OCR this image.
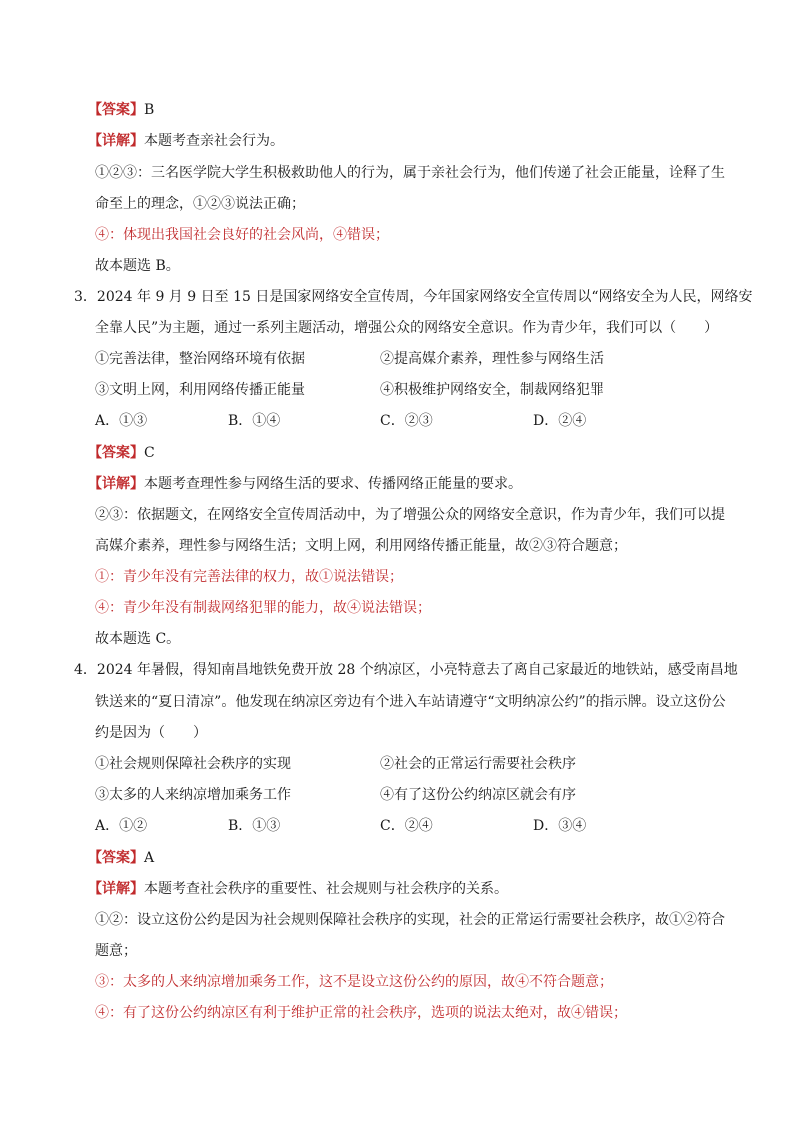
【答案】B
【详解】本题考查亲社会行为。
①②③：三名医学院大学生积极救助他人的行为，属于亲社会行为，他们传递了社会正能量，诠释了生
命至上的理念，①②③说法正确；
④：体现出我国社会良好的社会风尚，④错误；
故本题选 B。
3．2024 年 9 月 9 日至 15 日是国家网络安全宣传周，今年国家网络安全宣传周以“网络安全为人民，网络安
全靠人民”为主题，通过一系列主题活动，增强公众的网络安全意识。作为青少年，我们可以（　　）
①完善法律，整治网络环境有依据	②提高媒介素养，理性参与网络生活
③文明上网，利用网络传播正能量	④积极维护网络安全，制裁网络犯罪
A．①③	B．①④	C．②③	D．②④
【答案】C
【详解】本题考查理性参与网络生活的要求、传播网络正能量的要求。
②③：依据题文，在网络安全宣传周活动中，为了增强公众的网络安全意识，作为青少年，我们可以提
高媒介素养，理性参与网络生活；文明上网，利用网络传播正能量，故②③符合题意；
①：青少年没有完善法律的权力，故①说法错误；
④：青少年没有制裁网络犯罪的能力，故④说法错误；
故本题选 C。
4．2024 年暑假，得知南昌地铁免费开放 28 个纳凉区，小亮特意去了离自己家最近的地铁站，感受南昌地
铁送来的“夏日清凉”。他发现在纳凉区旁边有个进入车站请遵守“文明纳凉公约”的指示牌。设立这份公
约是因为（　　）
①社会规则保障社会秩序的实现	②社会的正常运行需要社会秩序
③太多的人来纳凉增加乘务工作	④有了这份公约纳凉区就会有序
A．①②	B．①③	C．②④	D．③④
【答案】A
【详解】本题考查社会秩序的重要性、社会规则与社会秩序的关系。
①②：设立这份公约是因为社会规则保障社会秩序的实现，社会的正常运行需要社会秩序，故①②符合
题意；
③：太多的人来纳凉增加乘务工作，这不是设立这份公约的原因，故④不符合题意；
④：有了这份公约纳凉区有利于维护正常的社会秩序，选项的说法太绝对，故④错误；
